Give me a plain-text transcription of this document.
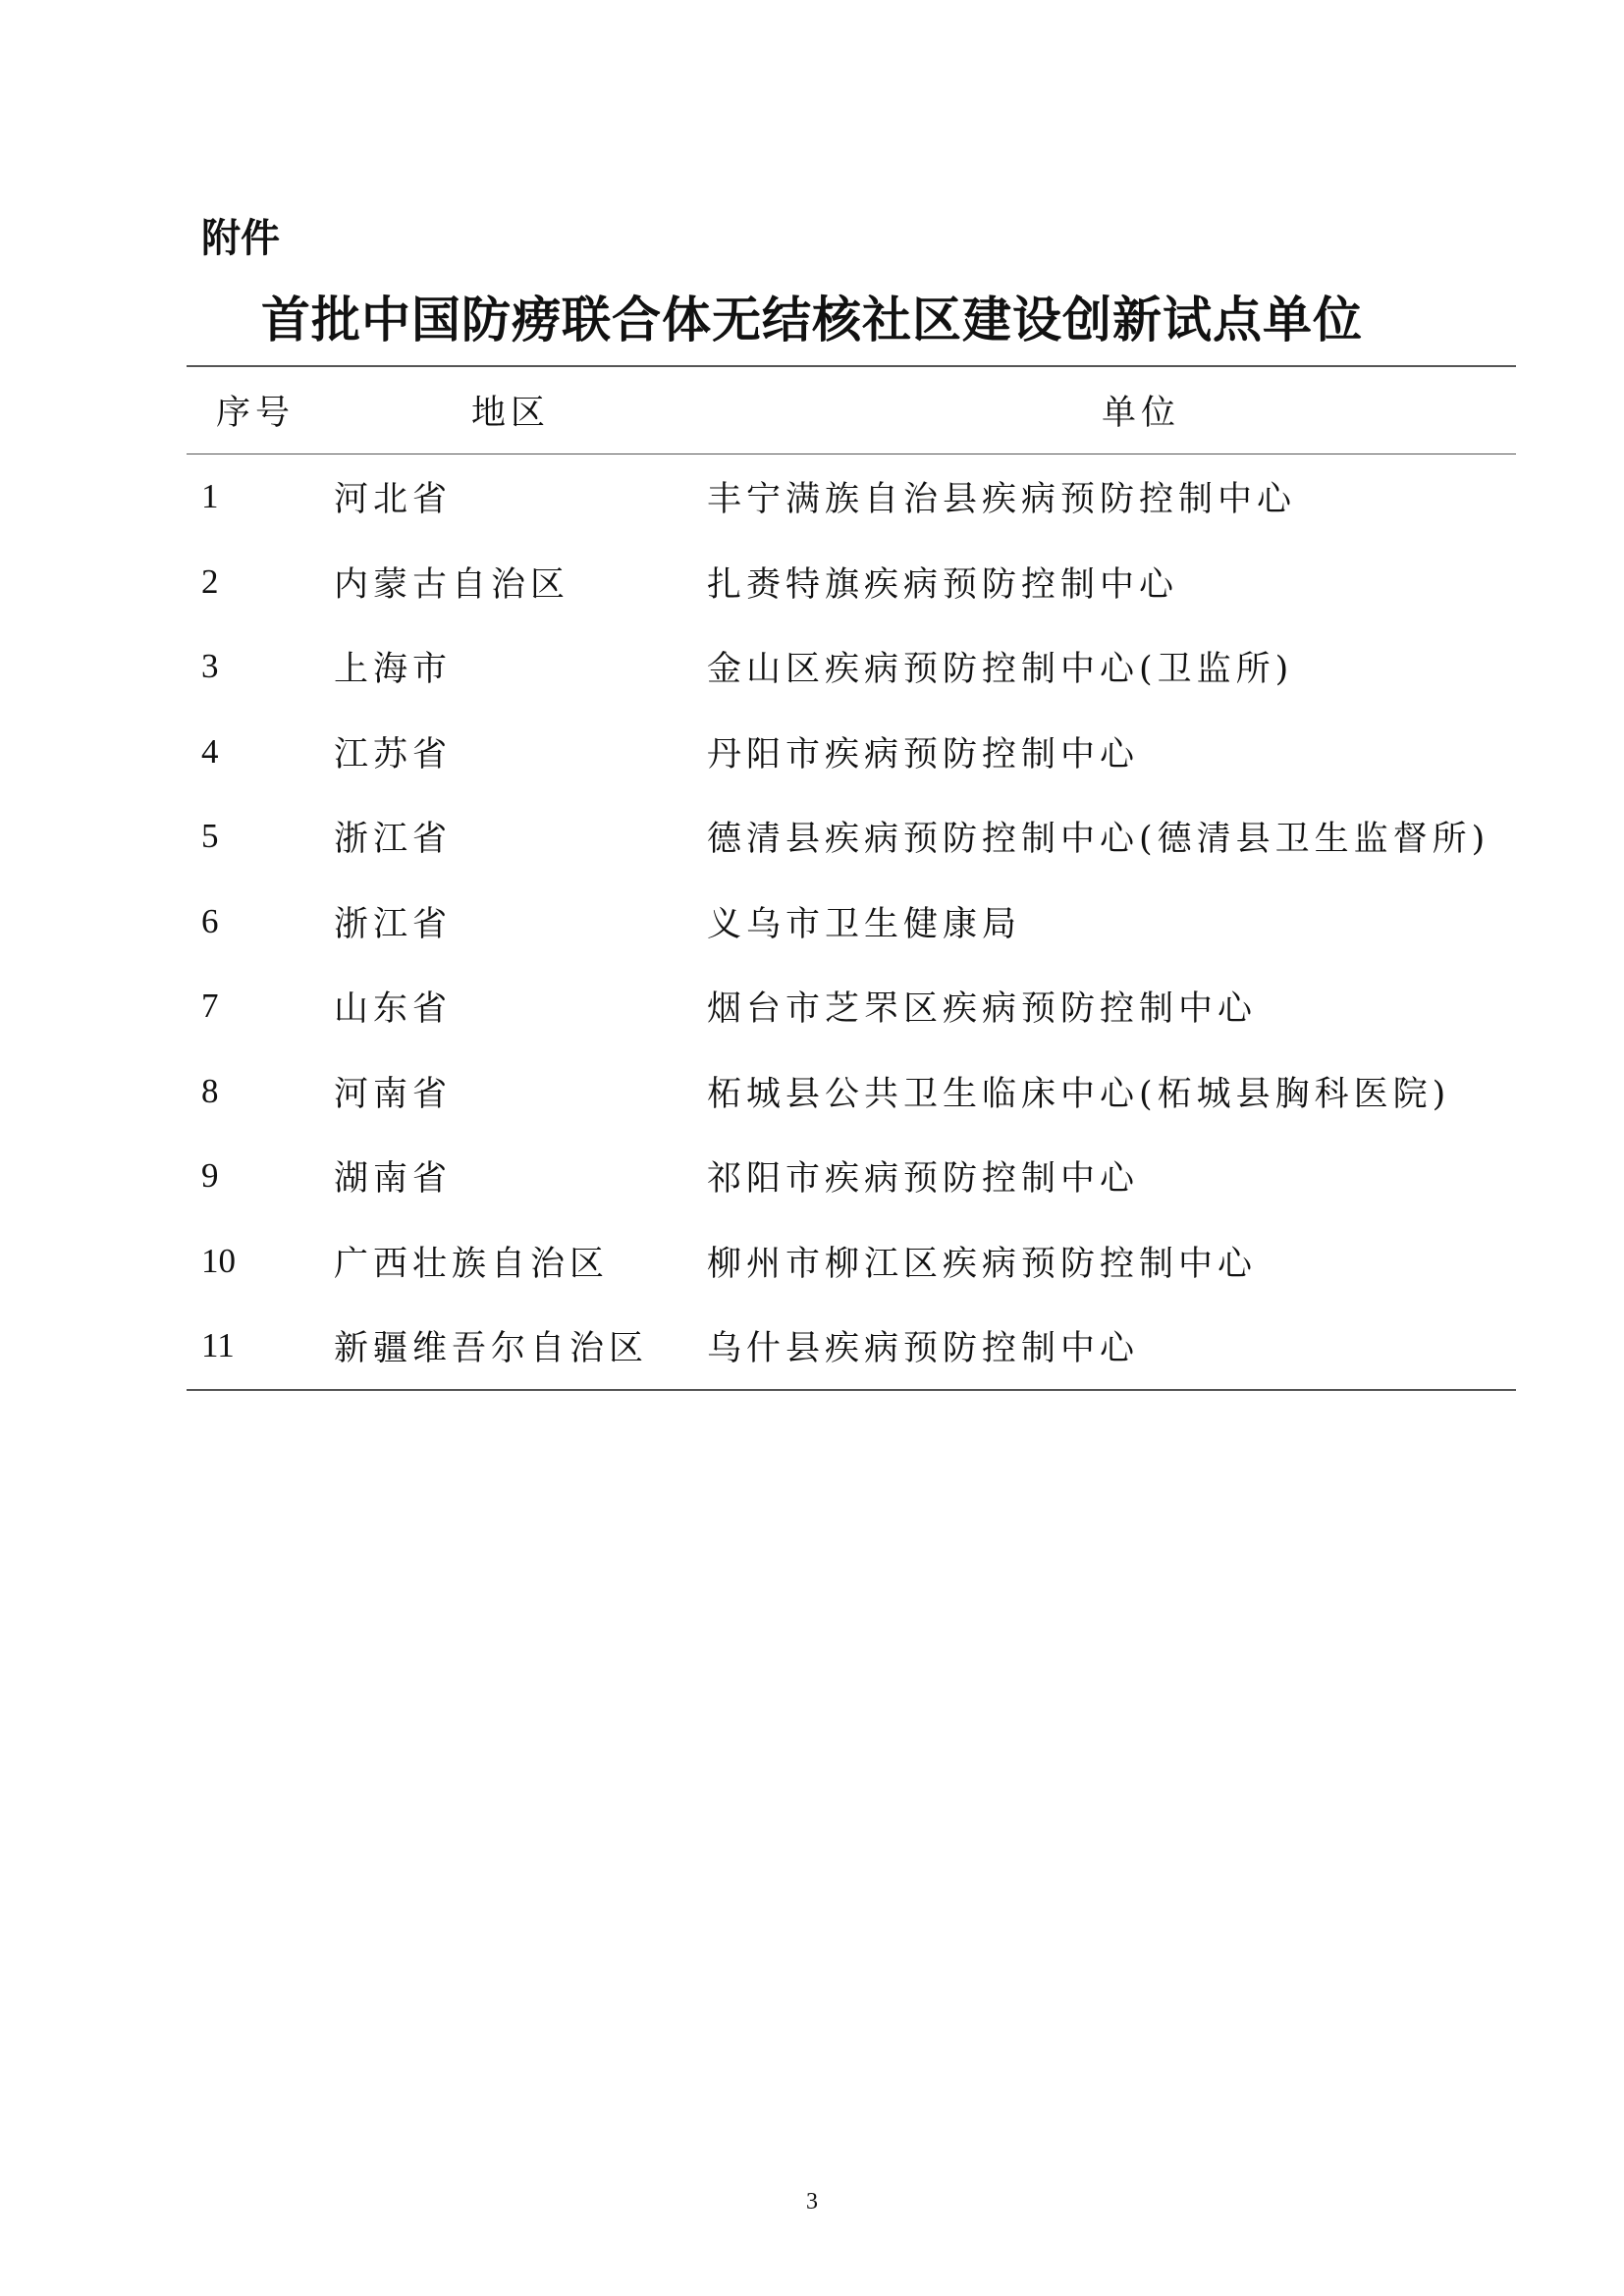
附件
首批中国防痨联合体无结核社区建设创新试点单位
序号	地区	单位
1	河北省	丰宁满族自治县疾病预防控制中心
2	内蒙古自治区	扎赉特旗疾病预防控制中心
3	上海市	金山区疾病预防控制中心(卫监所)
4	江苏省	丹阳市疾病预防控制中心
5	浙江省	德清县疾病预防控制中心(德清县卫生监督所)
6	浙江省	义乌市卫生健康局
7	山东省	烟台市芝罘区疾病预防控制中心
8	河南省	柘城县公共卫生临床中心(柘城县胸科医院)
9	湖南省	祁阳市疾病预防控制中心
10	广西壮族自治区	柳州市柳江区疾病预防控制中心
11	新疆维吾尔自治区	乌什县疾病预防控制中心
3
